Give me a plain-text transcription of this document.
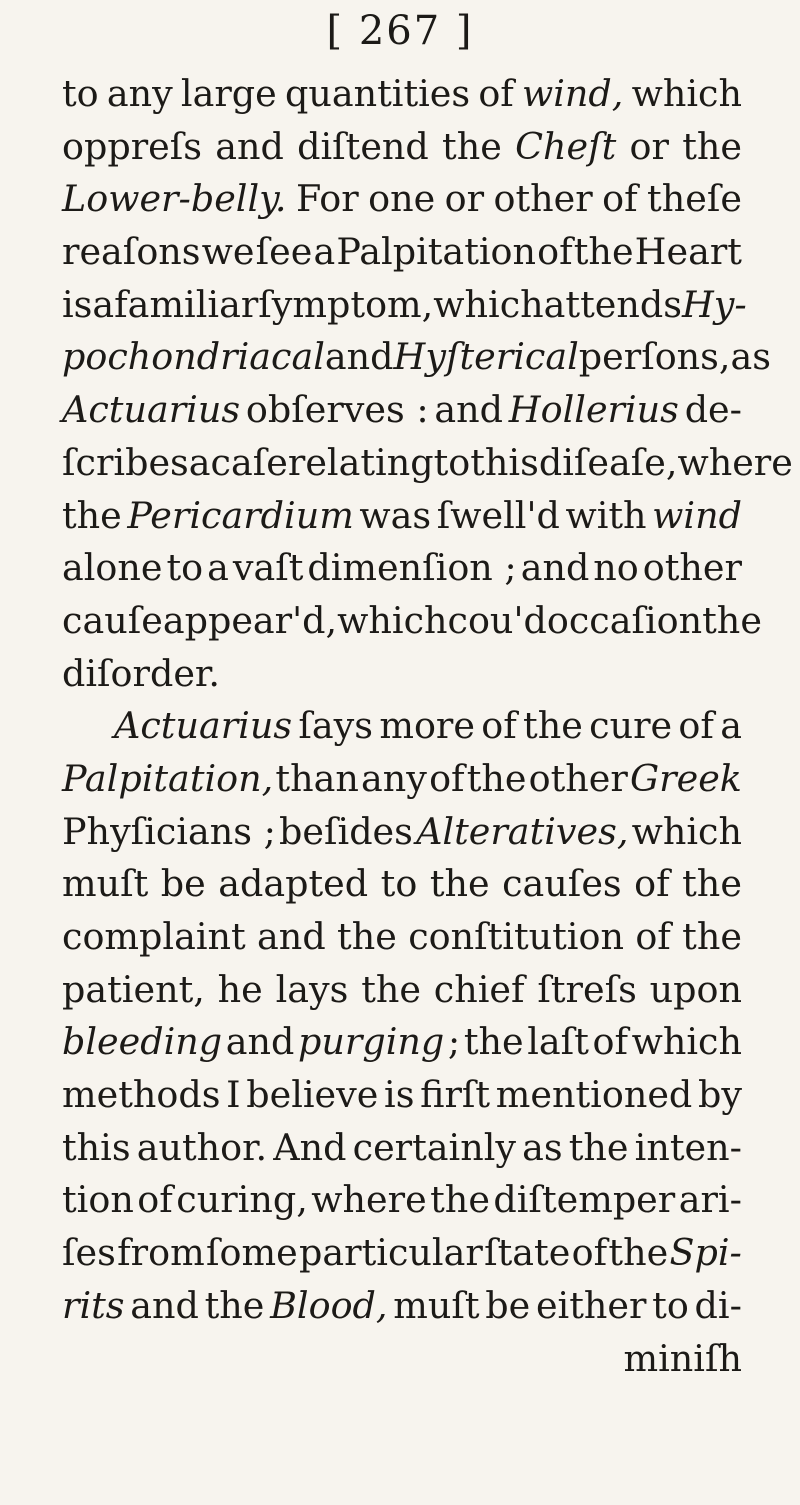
[ 267 ]
to any large quantities of wind, which
oppreſs and diſtend the Cheſt or the
Lower-belly. For one or other of theſe
reaſons we ſee a Palpitation of the Heart
is a familiar ſymptom, which attends Hy-
pochondriacal and Hyſterical perſons, as
Actuarius obſerves : and Hollerius de-
ſcribes a caſe relating to this diſeaſe, where
the Pericardium was ſwell'd with wind
alone to a vaſt dimenſion ; and no other
cauſe appear'd, which cou'd occaſion the
diſorder.
Actuarius ſays more of the cure of a
Palpitation, than any of the other Greek
Phyſicians ; beſides Alteratives, which
muſt be adapted to the cauſes of the
complaint and the conſtitution of the
patient, he lays the chief ſtreſs upon
bleeding and purging ; the laſt of which
methods I believe is firſt mentioned by
this author. And certainly as the inten-
tion of curing, where the diſtemper ari-
ſes from ſome particular ſtate of the Spi-
rits and the Blood, muſt be either to di-
miniſh
